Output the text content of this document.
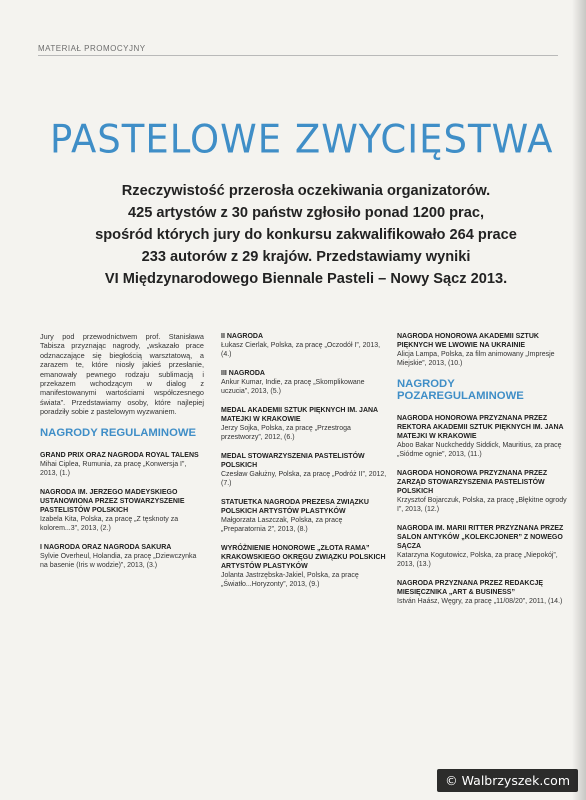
MATERIAŁ PROMOCYJNY
PASTELOWE ZWYCIĘSTWA
Rzeczywistość przerosła oczekiwania organizatorów.
425 artystów z 30 państw zgłosiło ponad 1200 prac,
spośród których jury do konkursu zakwalifikowało 264 prace
233 autorów z 29 krajów. Przedstawiamy wyniki
VI Międzynarodowego Biennale Pasteli – Nowy Sącz 2013.

Jury pod przewodnictwem prof. Stanisława Tabisza przyznając nagrody, „wskazało prace odznaczające się biegłością warsztatową, a zarazem te, które niosły jakieś przesłanie, emanowały pewnego rodzaju sublimacją i przekazem wchodzącym w dialog z manifestowanymi wartościami współczesnego świata”. Przedstawiamy osoby, które najlepiej poradziły sobie z pastelowym wyzwaniem.

NAGRODY REGULAMINOWE
GRAND PRIX ORAZ NAGRODA ROYAL TALENS
Mihai Ciplea, Rumunia, za pracę „Konwersja I”, 2013, (1.)
NAGRODA IM. JERZEGO MADEYSKIEGO USTANOWIONA PRZEZ STOWARZYSZENIE PASTELISTÓW POLSKICH
Izabela Kita, Polska, za pracę „Z tęsknoty za kolorem...3”, 2013, (2.)
I NAGRODA ORAZ NAGRODA SAKURA
Sylvie Overheul, Holandia, za pracę „Dziewczynka na basenie (Iris w wodzie)”, 2013, (3.)
II NAGRODA
Łukasz Cierlak, Polska, za pracę „Oczodół I”, 2013, (4.)
III NAGRODA
Ankur Kumar, Indie, za pracę „Skomplikowane uczucia”, 2013, (5.)
MEDAL AKADEMII SZTUK PIĘKNYCH IM. JANA MATEJKI W KRAKOWIE
Jerzy Sojka, Polska, za pracę „Przestroga przestworzy”, 2012, (6.)
MEDAL STOWARZYSZENIA PASTELISTÓW POLSKICH
Czesław Gałużny, Polska, za pracę „Podróż II”, 2012, (7.)
STATUETKA NAGRODA PREZESA ZWIĄZKU POLSKICH ARTYSTÓW PLASTYKÓW
Małgorzata Laszczak, Polska, za pracę „Preparatornia 2”, 2013, (8.)
WYRÓŻNIENIE HONOROWE „ZŁOTA RAMA” KRAKOWSKIEGO OKRĘGU ZWIĄZKU POLSKICH ARTYSTÓW PLASTYKÓW
Jolanta Jastrzębska-Jakiel, Polska, za pracę „Światło...Horyzonty”, 2013, (9.)
NAGRODA HONOROWA AKADEMII SZTUK PIĘKNYCH WE LWOWIE NA UKRAINIE
Alicja Lampa, Polska, za film animowany „Impresje Miejskie”, 2013, (10.)
NAGRODY POZAREGULAMINOWE
NAGRODA HONOROWA PRZYZNANA PRZEZ REKTORA AKADEMII SZTUK PIĘKNYCH IM. JANA MATEJKI W KRAKOWIE
Aboo Bakar Nuckcheddy Siddick, Mauritius, za pracę „Siódme ognie”, 2013, (11.)
NAGRODA HONOROWA PRZYZNANA PRZEZ ZARZĄD STOWARZYSZENIA PASTELISTÓW POLSKICH
Krzysztof Bojarczuk, Polska, za pracę „Błękitne ogrody I”, 2013, (12.)
NAGRODA IM. MARII RITTER PRZYZNANA PRZEZ SALON ANTYKÓW „KOLEKCJONER” Z NOWEGO SĄCZA
Katarzyna Kogutowicz, Polska, za pracę „Niepokój”, 2013, (13.)
NAGRODA PRZYZNANA PRZEZ REDAKCJĘ MIESIĘCZNIKA „ART & BUSINESS”
István Haász, Węgry, za pracę „11/08/20”, 2011, (14.)
© Walbrzyszek.com
